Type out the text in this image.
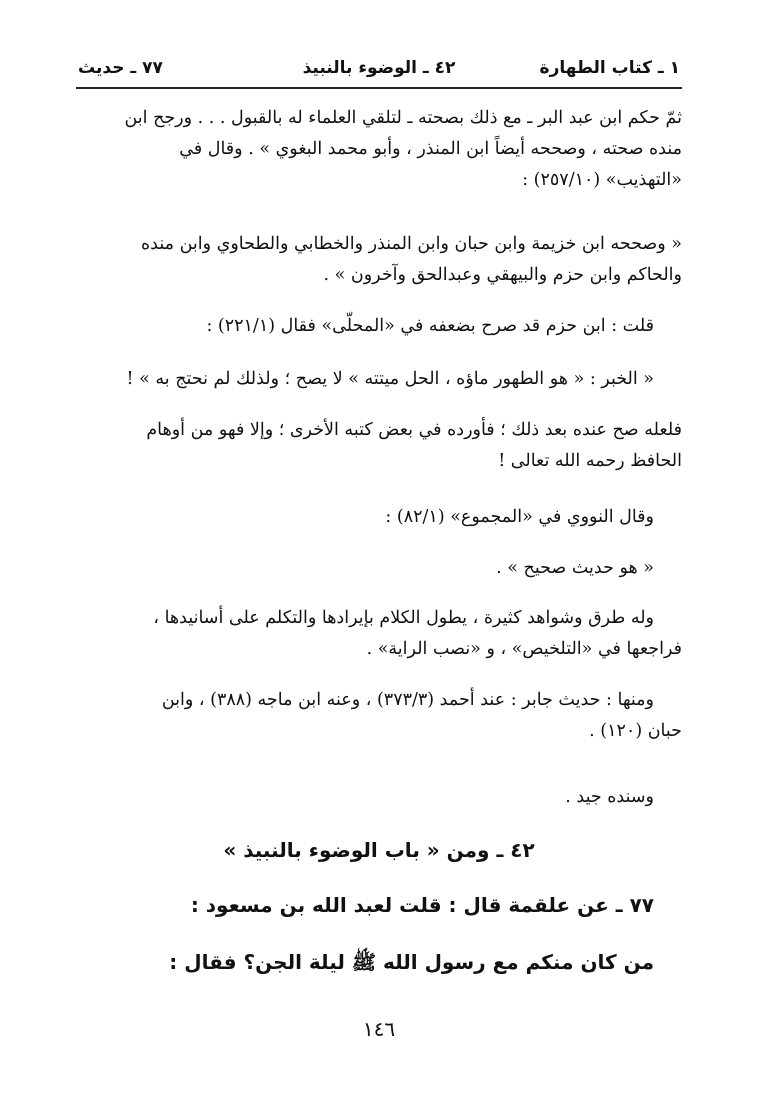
١ ـ كتاب الطهارة
٤٢ ـ الوضوء بالنبيذ
٧٧ ـ حديث
ثمّ حكم ابن عبد البر ـ مع ذلك بصحته ـ لتلقي العلماء له بالقبول . . . ورجح ابن
منده صحته ، وصححه أيضاً ابن المنذر ، وأبو محمد البغوي » . وقال في
«التهذيب» (٢٥٧/١٠) :
« وصححه ابن خزيمة وابن حبان وابن المنذر والخطابي والطحاوي وابن منده
والحاكم وابن حزم والبيهقي وعبدالحق وآخرون » .
قلت : ابن حزم قد صرح بضعفه في «المحلّى» فقال (٢٢١/١) :
« الخبر : « هو الطهور ماؤه ، الحل ميتته » لا يصح ؛ ولذلك لم نحتج به » !
فلعله صح عنده بعد ذلك ؛ فأورده في بعض كتبه الأخرى ؛ وإلا فهو من أوهام
الحافظ رحمه الله تعالى !
وقال النووي في «المجموع» (٨٢/١) :
« هو حديث صحيح » .
وله طرق وشواهد كثيرة ، يطول الكلام بإيرادها والتكلم على أسانيدها ،
فراجعها في «التلخيص» ، و «نصب الراية» .
ومنها : حديث جابر : عند أحمد (٣٧٣/٣) ، وعنه ابن ماجه (٣٨٨) ، وابن
حبان (١٢٠) .
وسنده جيد .
٤٢ ـ ومن « باب الوضوء بالنبيذ »
٧٧ ـ عن علقمة قال : قلت لعبد الله بن مسعود :
من كان منكم مع رسول الله ﷺ ليلة الجن؟ فقال :
١٤٦
